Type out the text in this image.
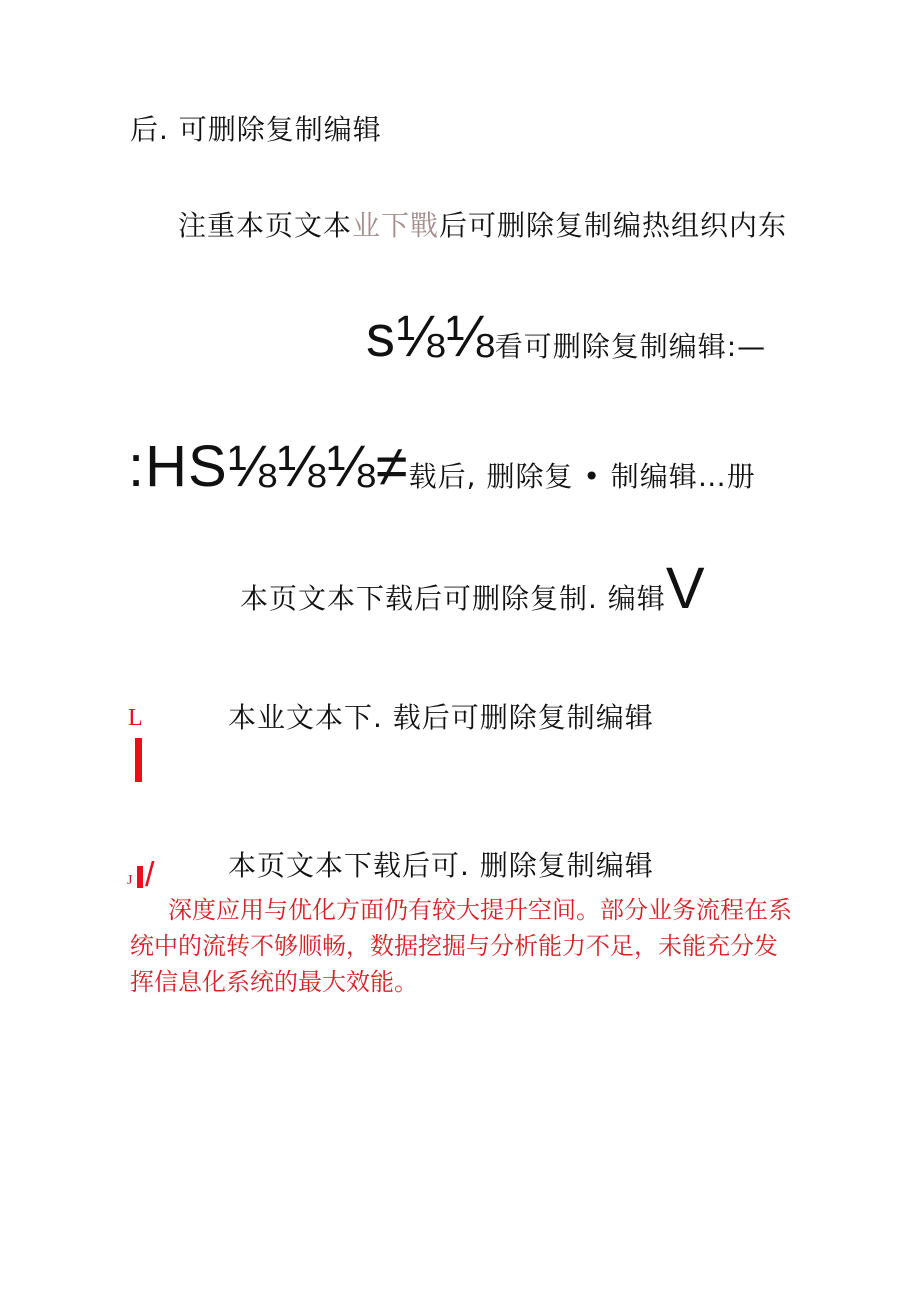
后. 可删除复制编辑
注重本页文本业下戰后可删除复制编热组织内东
s⅛⅛看可删除复制编辑:—
:HS⅛⅛⅛≠载后, 删除复 • 制编辑…册
本页文本下载后可删除复制. 编辑V
L	本业文本下. 载后可删除复制编辑
本页文本下载后可. 删除复制编辑
J /
深度应用与优化方面仍有较大提升空间。部分业务流程在系统中的流转不够顺畅，数据挖掘与分析能力不足，未能充分发挥信息化系统的最大效能。
